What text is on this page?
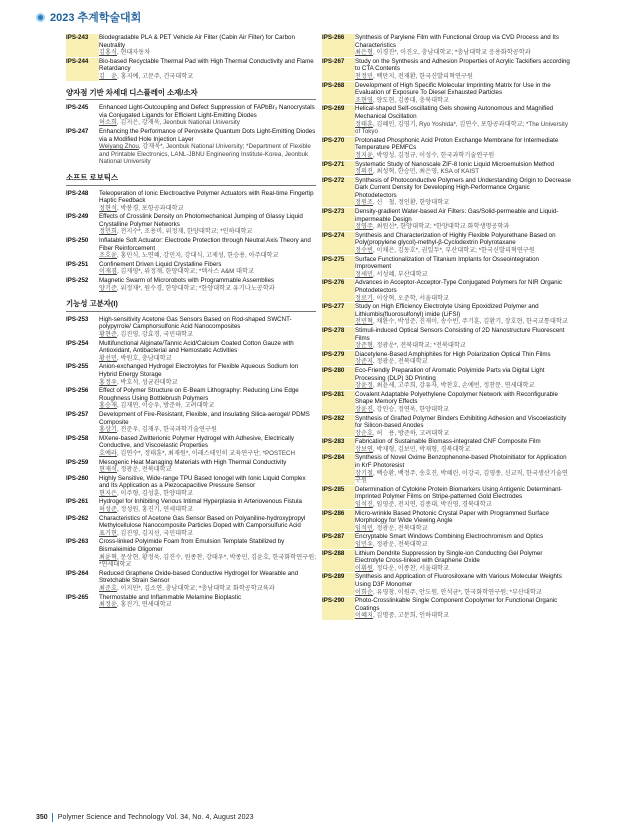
2023 추계학술대회
IPS-243	Biodegradable PLA & PET Vehicle Air Filter (Cabin Air Filter) for Carbon Neutrality
김홍식, 현대자동차
IPS-244	Bio-based Recyclable Thermal Pad with High Thermal Conductivity and Flame Retardancy
김　윤, 홍지예, 고문주, 건국대학교
양자점 기반 차세대 디스플레이 소재/소자
IPS-245	Enhanced Light-Outcoupling and Defect Suppression of FAPbBr₃ Nanocrystals via Conjugated Ligands for Efficient Light-Emitting Diodes
허소희, 김지은, 강재욱, Jeonbuk National University
IPS-247	Enhancing the Performance of Perovskite Quantum Dots Light-Emitting Diodes via a Modified Hole Injection Layer
Weiyang Zhou, 강재욱*, Jeonbuk National University; *Department of Flexible and Printable Electronics, LANL-JBNU Engineering Institute-Korea, Jeonbuk National University
소프트 로보틱스
IPS-248	Teleoperation of Ionic Electroactive Polymer Actuators with Real-time Fingertip Haptic Feedback
정현석, 박봉경, 포항공과대학교
IPS-249	Effects of Crosslink Density on Photomechanical Jumping of Glassy Liquid Crystalline Polymer Networks
정민희, 전지수*, 조용비, 위정재, 한양대학교; *인하대학교
IPS-250	Inflatable Soft Actuator: Electrode Protection through Neutral Axis Theory and Fiber Reinforcement
조호윤, 홍민식, 노연혜, 강민지, 강대식, 고제성, 한승용, 아주대학교
IPS-251	Confinement Driven Liquid Crystalline Fibers
이재겸, 김재영*, 위정재, 한양대학교; *텍사스 A&M 대학교
IPS-252	Magnetic Swarm of Microrobots with Programmable Assemblies
양기준, 위정재*, 원수경, 한양대학교; *한양대학교 유기나노공학과
기능성 고분자(I)
IPS-253	High-sensitivity Acetone Gas Sensors Based on Rod-shaped SWCNT-polypyrrole/ Camphorsulfonic Acid Nanocomposites
황현준, 김진영, 강효경, 국민대학교
IPS-254	Multifunctional Alginate/Tannic Acid/Calcium Coated Cotton Gauze with Antioxidant, Antibacterial and Hemostatic Activities
황선민, 박원호, 충남대학교
IPS-255	Anion-exchanged Hydrogel Electrolytes for Flexible Aqueous Sodium Ion Hybrid Energy Storage
홍정우, 박호석, 성균관대학교
IPS-256	Effect of Polymer Structure on E-Beam Lithography: Reducing Line Edge Roughness Using Bottlebrush Polymers
홍승재, 김재연, 이승우, 방준하, 고려대학교
IPS-257	Development of Fire-Resistant, Flexible, and Insulating Silica-aerogel/ PDMS Composite
홍상기, 전준우, 김재우, 한국과학기술연구원
IPS-258	MXene-based Zwitterionic Polymer Hydrogel with Adhesive, Electrically Conductive, and Viscoelastic Properties
호예라, 김연수*, 정태훈*, 최재원*, 이래스테인히 교육연구단; *POSTECH
IPS-259	Mesogenic Heat Managing Materials with High Thermal Conductivity
현재석, 정광운, 전북대학교
IPS-260	Highly Sensitive, Wide-range TPU Based Ionogel with Ionic Liquid Complex and Its Application as a Piezocapacitive Pressure Sensor
현지은, 이주형, 김성훈, 한양대학교
IPS-261	Hydrogel for Inhibiting Venous Intimal Hyperplasia in Arteriovenous Fistula
허성준, 정성원, 홍진기, 연세대학교
IPS-262	Characteristics of Acetone Gas Sensor Based on Polyaniline-hydroxypropyl Methylcellulose Nanocomposite Particles Doped with Camporsulfuric Acid
표기현, 김진영, 김지선, 국민대학교
IPS-263	Cross-linked Polyimide Foam from Emulsion Template Stabilized by Bismaleimide Oligomer
최윤혁, 문상현, 황정욱, 김진수, 원종찬, 강태우*, 박종민, 김윤호, 한국화학연구원; *연세대학교
IPS-264	Reduced Graphene Oxide-based Conductive Hydrogel for Wearable and Stretchable Strain Sensor
최준호, 이지민*, 김소연, 충남대학교; *충남대학교 화학공학교육과
IPS-265	Thermostable and Inflammable Melamine Bioplastic
최정윤, 홍진기, 연세대학교
IPS-266	Synthesis of Parylene Film with Functional Group via CVD Process and Its Characteristics
최은형, 이경진*, 이진오, 충남대학교; *충남대학교 응용화학공학과
IPS-267	Study on the Synthesis and Adhesion Properties of Acrylic Tackifiers according to CTA Contents
천정민, 백만지, 전재환, 한국신발피혁연구원
IPS-268	Development of High Specific Molecular Imprinting Matrix for Use in the Evaluation of Exposure To Diesel Exhausted Particles
조현영, 양도현, 김종대, 충북대학교
IPS-269	Helical-shaped Self-oscillating Gels showing Autonomous and Magnified Mechanical Oscillation
정태훈, 김혜인, 김영기, Ryo Yoshida*, 김연수, 포항공과대학교; *The University of Tokyo
IPS-270	Protonated Phosphonic Acid Proton Exchange Membrane for Intermediate Temperature PEMFCs
정지윤, 박영성, 김정규, 이성수, 한국과학기술연구원
IPS-271	Systematic Study of Nanoscale ZIF-8 Ionic Liquid Microemulsion Method
정의진, 최성혁, 한승민, 최은영, KSA of KAIST
IPS-272	Synthesis of Photoconductive Polymers and Understanding Origin to Decrease Dark Current Density for Developing High-Performance Organic Photodetectors
정원조, 신　철, 정인환, 한양대학교
IPS-273	Density-gradient Water-based Air Filters: Gas/Solid-permeable and Liquid-impermeable Design
정영주, 최원신*, 한양대학교; *한양대학교 화학생명공학과
IPS-274	Synthesis and Characterization of Highly Flexible Polyurethane Based on Poly(propylene glycol)-methyl-β-Cyclodextrin Polyrotaxane
정수빈, 이채은, 김동호*, 권일두*, 부산대학교; *한국신발피혁연구원
IPS-275	Surface Functionalization of Titanium Implants for Osseointegration Improvement
정세민, 서성혜, 부산대학교
IPS-276	Advances in Acceptor-Acceptor-Type Conjugated Polymers for NIR Organic Photodetectors
정로기, 이상혁, 오준학, 서울대학교
IPS-277	Study on High Efficiency Electrolyte Using Epoxidized Polymer and Lithiumbis(fluorosulfonyl) imide (LiFSI)
전민혁, 채완수, 박성준, 진재이, 송수빈, 주기훈, 김환기, 장호현, 한국교통대학교
IPS-278	Stimuli-induced Optical Sensors Consisting of 2D Nanostructure Fluorescent Films
장준형, 정광운*, 전북대학교; *전북대학교
IPS-279	Diacetylene-Based Amphiphiles for High Polarization Optical Thin Films
장준지, 정광운, 전북대학교
IPS-280	Eco-Friendly Preparation of Aromatic Polyimide Parts via Digital Light Processing (DLP) 3D Printing
장윤정, 최윤세, 고주희, 강유자, 박찬호, 손예빈, 정찬문, 연세대학교
IPS-281	Covalent Adaptable Polyethylene Copolymer Network with Reconfigurable Shape Memory Effects
장윤진, 강인승, 정연욱, 한양대학교
IPS-282	Synthesis of Grafted Polymer Binders Exhibiting Adhesion and Viscoelasticity for Silicon-based Anodes
장순호, 허　용, 방준하, 고려대학교
IPS-283	Fabrication of Sustainable Biomass-integrated CNF Composite Film
장보연, 박재형, 김보민, 박재형, 경북대학교
IPS-284	Synthesis of Novel Oxime Benzophenone-based Photoinitiator for Application in KrF Photoresist
장기철, 백승환, 백정주, 송호진, 박혜린, 이강국, 김영종, 신교직, 한국생산기술연구원
IPS-285	Determination of Cytokine Protein Biomarkers Using Antigenic Determinant-Imprinted Polymer Films on Stripe-patterned Gold Electrodes
임석진, 임영준, 전지연, 김종대, 박진영, 경북대학교
IPS-286	Micro-wrinkle Based Photonic Crystal Paper with Programmed Surface Morphology for Wide Viewing Angle
임석민, 정광운, 전북대학교
IPS-287	Encryptable Smart Windows Combining Electrochromism and Optics
임민우, 정광운, 전북대학교
IPS-288	Lithium Dendrite Suppression by Single-ion Conducting Gel Polymer Electrolyte Cross-linked with Graphene Oxide
이휘원, 정다운, 이종찬, 서울대학교
IPS-289	Synthesis and Application of Fluorosiloxane with Various Molecular Weights Using D3F Monomer
이희순, 유영창, 이원주, 안도원, 안석균*, 한국화학연구원; *부산대학교
IPS-290	Photo-Crosslinkable Single Component Copolymer for Functional Organic Coatings
이혜지, 김명중, 고문희, 인하대학교
350 Polymer Science and Technology Vol. 34, No. 4, August 2023
